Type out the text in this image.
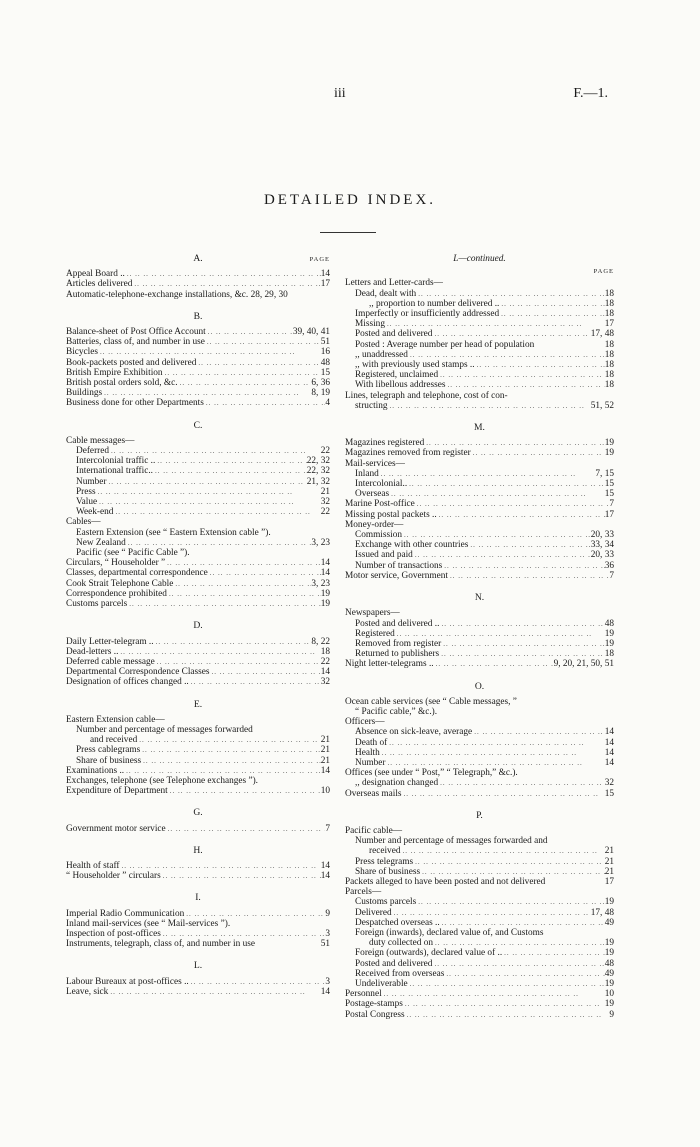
iii	F.—1.
DETAILED INDEX.
A.	PAGE
Appeal Board .. .. ..	14
Articles delivered .. ..	17
Automatic-telephone-exchange installations, &c. 28, 29, 30
B.
Balance-sheet of Post Office Account .. ..	39, 40, 41
Batteries, class of, and number in use .. ..	51
Bicycles .. ..	16
Book-packets posted and delivered .. ..	48
British Empire Exhibition .. ..	15
British postal orders sold, &c. .. ..	6, 36
Buildings .. ..	8, 19
Business done for other Departments .. ..	4
C.
Cable messages—
Deferred .. ..	22
Intercolonial traffic .. .. ..	22, 32
International traffic.. .. ..	22, 32
Number .. ..	21, 32
Press .. ..	21
Value .. ..	32
Week-end .. ..	22
Cables—
Eastern Extension (see “ Eastern Extension cable ”).
New Zealand .. ..	3, 23
Pacific (see “ Pacific Cable ”).
Circulars, “ Householder ” .. ..	14
Classes, departmental correspondence .. ..	14
Cook Strait Telephone Cable .. ..	3, 23
Correspondence prohibited .. ..	19
Customs parcels .. ..	19
D.
Daily Letter-telegram .. .. ..	8, 22
Dead-letters .. .. ..	18
Deferred cable message .. ..	22
Departmental Correspondence Classes .. ..	14
Designation of offices changed .. .. ..	32
E.
Eastern Extension cable—
Number and percentage of messages forwarded
and received .. ..	21
Press cablegrams .. ..	21
Share of business .. ..	21
Examinations .. .. ..	14
Exchanges, telephone (see Telephone exchanges ”).
Expenditure of Department .. ..	10
G.
Government motor service .. ..	7
H.
Health of staff .. ..	14
“ Householder ” circulars .. ..	14
I.
Imperial Radio Communication .. ..	9
Inland mail-services (see “ Mail-services ”).
Inspection of post-offices .. ..	3
Instruments, telegraph, class of, and number in use	51
L.
Labour Bureaux at post-offices .. .. ..	3
Leave, sick .. ..	14
L—continued.
PAGE
Letters and Letter-cards—
Dead, dealt with .. ..	18
,, proportion to number delivered .. .. ..	18
Imperfectly or insufficiently addressed .. ..	18
Missing .. ..	17
Posted and delivered .. ..	17, 48
Posted : Average number per head of population	18
,, unaddressed .. ..	18
,, with previously used stamps .. .. ..	18
Registered, unclaimed .. ..	18
With libellous addresses .. ..	18
Lines, telegraph and telephone, cost of con-
structing .. ..	51, 52
M.
Magazines registered .. ..	19
Magazines removed from register .. ..	19
Mail-services—
Inland .. ..	7, 15
Intercolonial.. .. ..	15
Overseas .. ..	15
Marine Post-office .. ..	7
Missing postal packets .. .. ..	17
Money-order—
Commission .. ..	20, 33
Exchange with other countries .. ..	33, 34
Issued and paid .. ..	20, 33
Number of transactions .. ..	36
Motor service, Government .. ..	7
N.
Newspapers—
Posted and delivered .. .. ..	48
Registered .. ..	19
Removed from register .. ..	19
Returned to publishers .. ..	18
Night letter-telegrams .. .. ..	9, 20, 21, 50, 51
O.
Ocean cable services (see “ Cable messages, ”
“ Pacific cable,” &c.).
Officers—
Absence on sick-leave, average .. ..	14
Death of .. ..	14
Health .. ..	14
Number .. ..	14
Offices (see under “ Post,” “ Telegraph,” &c.).
,, designation changed .. ..	32
Overseas mails .. ..	15
P.
Pacific cable—
Number and percentage of messages forwarded and
received .. ..	21
Press telegrams .. ..	21
Share of business .. ..	21
Packets alleged to have been posted and not delivered	17
Parcels—
Customs parcels .. ..	19
Delivered .. ..	17, 48
Despatched overseas .. .. ..	49
Foreign (inwards), declared value of, and Customs
duty collected on .. ..	19
Foreign (outwards), declared value of .. .. ..	19
Posted and delivered .. ..	48
Received from overseas .. ..	49
Undeliverable .. ..	19
Personnel .. ..	10
Postage-stamps .. ..	19
Postal Congress .. ..	9
